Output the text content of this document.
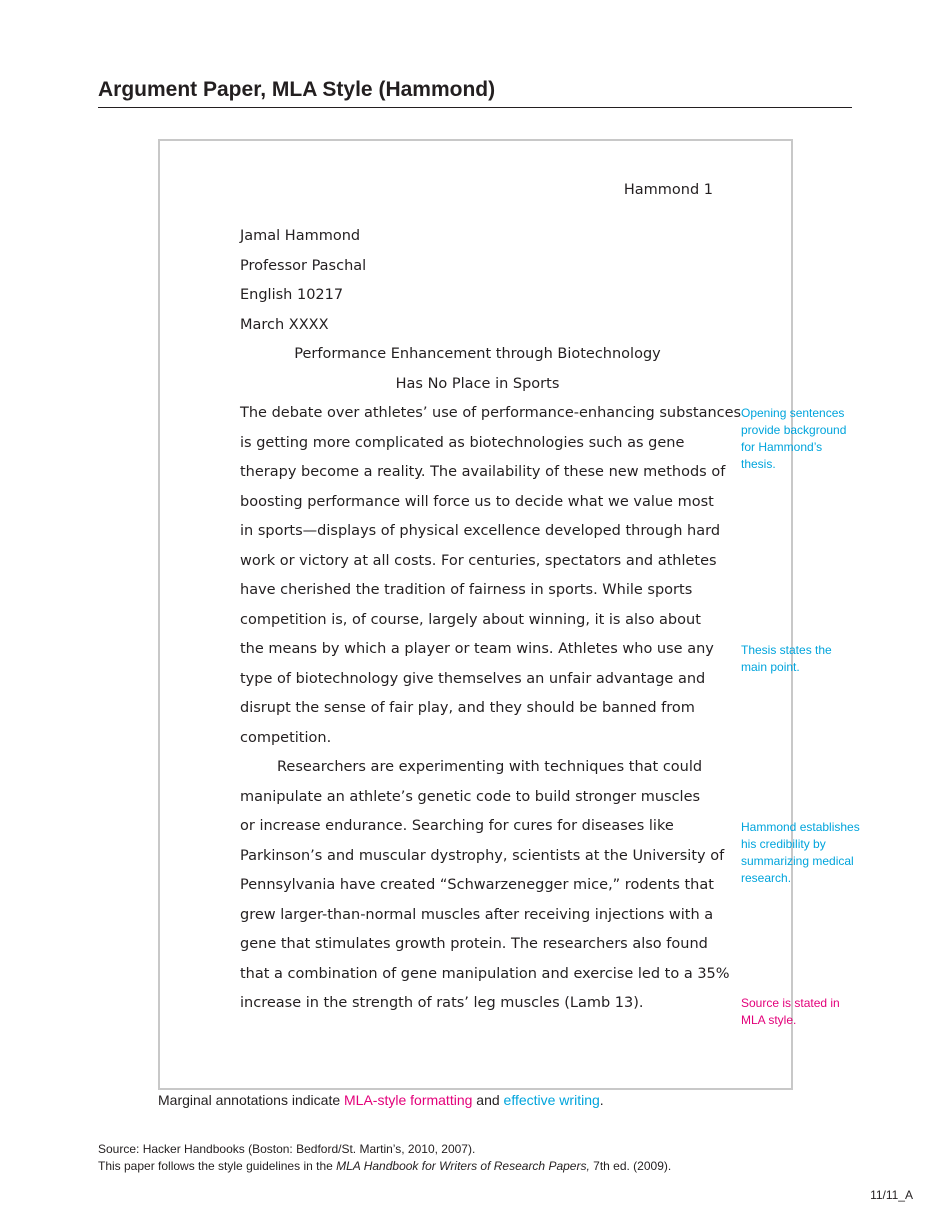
Argument Paper, MLA Style (Hammond)
Hammond 1
Jamal Hammond
Professor Paschal
English 10217
March XXXX
Performance Enhancement through Biotechnology
Has No Place in Sports
The debate over athletes’ use of performance-enhancing substances
is getting more complicated as biotechnologies such as gene
therapy become a reality. The availability of these new methods of
boosting performance will force us to decide what we value most
in sports—displays of physical excellence developed through hard
work or victory at all costs. For centuries, spectators and athletes
have cherished the tradition of fairness in sports. While sports
competition is, of course, largely about winning, it is also about
the means by which a player or team wins. Athletes who use any
type of biotechnology give themselves an unfair advantage and
disrupt the sense of fair play, and they should be banned from
competition.
Researchers are experimenting with techniques that could
manipulate an athlete’s genetic code to build stronger muscles
or increase endurance. Searching for cures for diseases like
Parkinson’s and muscular dystrophy, scientists at the University of
Pennsylvania have created “Schwarzenegger mice,” rodents that
grew larger-than-normal muscles after receiving injections with a
gene that stimulates growth protein. The researchers also found
that a combination of gene manipulation and exercise led to a 35%
increase in the strength of rats’ leg muscles (Lamb 13).
Opening sentences
provide background
for Hammond’s
thesis.
Thesis states the
main point.
Hammond establishes
his credibility by
summarizing medical
research.
Source is stated in
MLA style.
Marginal annotations indicate MLA-style formatting and effective writing.
Source: Hacker Handbooks (Boston: Bedford/St. Martin’s, 2010, 2007).
This paper follows the style guidelines in the MLA Handbook for Writers of Research Papers, 7th ed. (2009).
11/11_A
